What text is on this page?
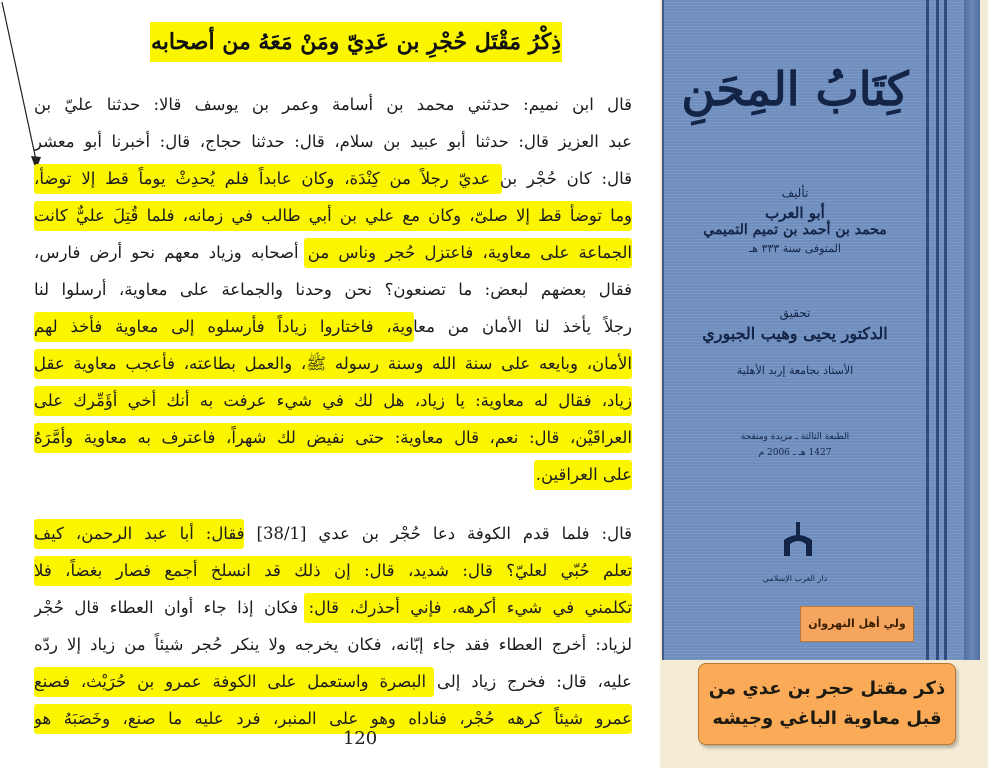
ذِكْرُ مَقْتَل حُجْرِ بن عَدِيّ ومَنْ مَعَهُ من أصحابه
قال ابن نميم: حدثني محمد بن أسامة وعمر بن يوسف قالا: حدثنا عليّ بن
عبد العزيز قال: حدثنا أبو عبيد بن سلام، قال: حدثنا حجاج، قال: أخبرنا أبو معشر
قال: كان حُجْر بن عديّ رجلاً من كِنْدَة، وكان عابداً فلم يُحدِثْ يوماً قط إلا توضأ،
وما توضأ قط إلا صلىّ، وكان مع علي بن أبي طالب في زمانه، فلما قُتِلَ عليٌّ كانت
الجماعة على معاوية، فاعتزل حُجر وناس من أصحابه وزياد معهم نحو أرض فارس،
فقال بعضهم لبعض: ما تصنعون؟ نحن وحدنا والجماعة على معاوية، أرسلوا لنا
رجلاً يأخذ لنا الأمان من معاوية، فاختاروا زياداً فأرسلوه إلى معاوية فأخذ لهم
الأمان، وبايعه على سنة الله وسنة رسوله ﷺ، والعمل بطاعته، فأعجب معاوية عقل
زياد، فقال له معاوية: يا زياد، هل لك في شيء عرفت به أنك أخي أؤَمِّرك على
العراقَيْن، قال: نعم، قال معاوية: حتى نفيض لك شهراً، فاعترف به معاوية وأمَّرَهُ
على العراقين.
قال: فلما قدم الكوفة دعا حُجْر بن عدي [38/1] فقال: أبا عبد الرحمن، كيف
تعلم حُبّي لعليّ؟ قال: شديد، قال: إن ذلك قد انسلخ أجمع فصار بغضاً، فلا
تكلمني في شيء أكرهه، فإني أحذرك، قال: فكان إذا جاء أوان العطاء قال حُجْر
لزياد: أخرج العطاء فقد جاء إبّانه، فكان يخرجه ولا ينكر حُجر شيئاً من زياد إلا ردّه
عليه، قال: فخرج زياد إلى البصرة واستعمل على الكوفة عمرو بن حُرَيْث، فصنع
عمرو شيئاً كرهه حُجْر، فناداه وهو على المنبر، فرد عليه ما صنع، وخَصَبَهُ هو
120
كِتَابُ المِحَنِ
تأليف
أبو العرب
محمد بن أحمد بن تميم التميمي
المتوفى سنة ٣٣٣ هـ
تحقيق
الدكتور يحيى وهيب الجبوري
الأستاذ بجامعة إربد الأهلية
الطبعة الثالثة ـ مزيدة ومنقحة
1427 هـ ـ 2006 م
دار الغرب الإسلامي
ولي أهل النهروان
ذكر مقتل حجر بن عدي من
قبل معاوية الباغي وجيشه
